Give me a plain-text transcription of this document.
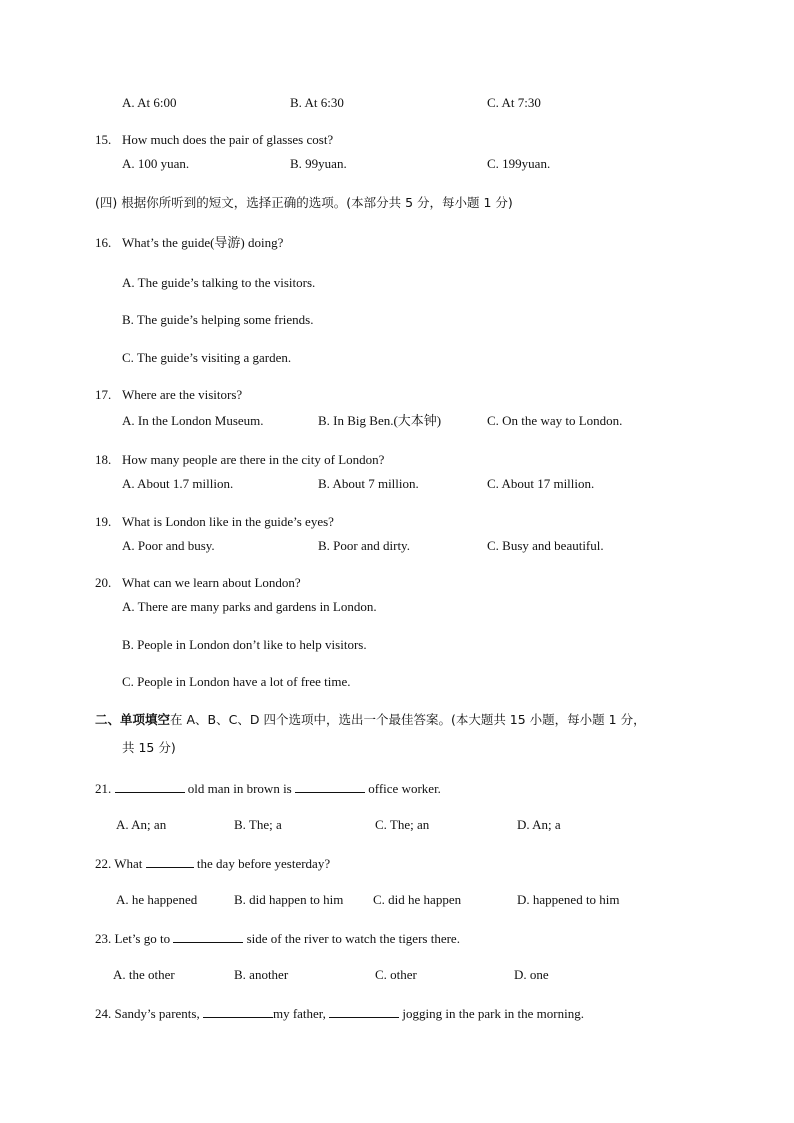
A. At 6:00	B. At 6:30	C. At 7:30
15. How much does the pair of glasses cost?
A. 100 yuan.	B. 99yuan.	C. 199yuan.
(四) 根据你所听到的短文，选择正确的选项。(本部分共 5 分，每小题 1 分)
16. What’s the guide(导游) doing?
A. The guide’s talking to the visitors.
B. The guide’s helping some friends.
C. The guide’s visiting a garden.
17. Where are the visitors?
A. In the London Museum.	B. In Big Ben.(大本钟)	C. On the way to London.
18. How many people are there in the city of London?
A. About 1.7 million.	B. About 7 million.	C. About 17 million.
19. What is London like in the guide’s eyes?
A. Poor and busy.	B. Poor and dirty.	C. Busy and beautiful.
20. What can we learn about London?
A. There are many parks and gardens in London.
B. People in London don’t like to help visitors.
C. People in London have a lot of free time.
二、单项填空在 A、B、C、D 四个选项中，选出一个最佳答案。(本大题共 15 小题，每小题 1 分，
共 15 分)
21.	old man in brown is	office worker.
A. An; an	B. The; a	C. The; an	D. An; a
22. What	the day before yesterday?
A. he happened	B. did happen to him C. did he happen	D. happened to him
23. Let’s go to	side of the river to watch the tigers there.
A. the other	B. another	C. other	D. one
24. Sandy’s parents,	my father,	jogging in the park in the morning.
